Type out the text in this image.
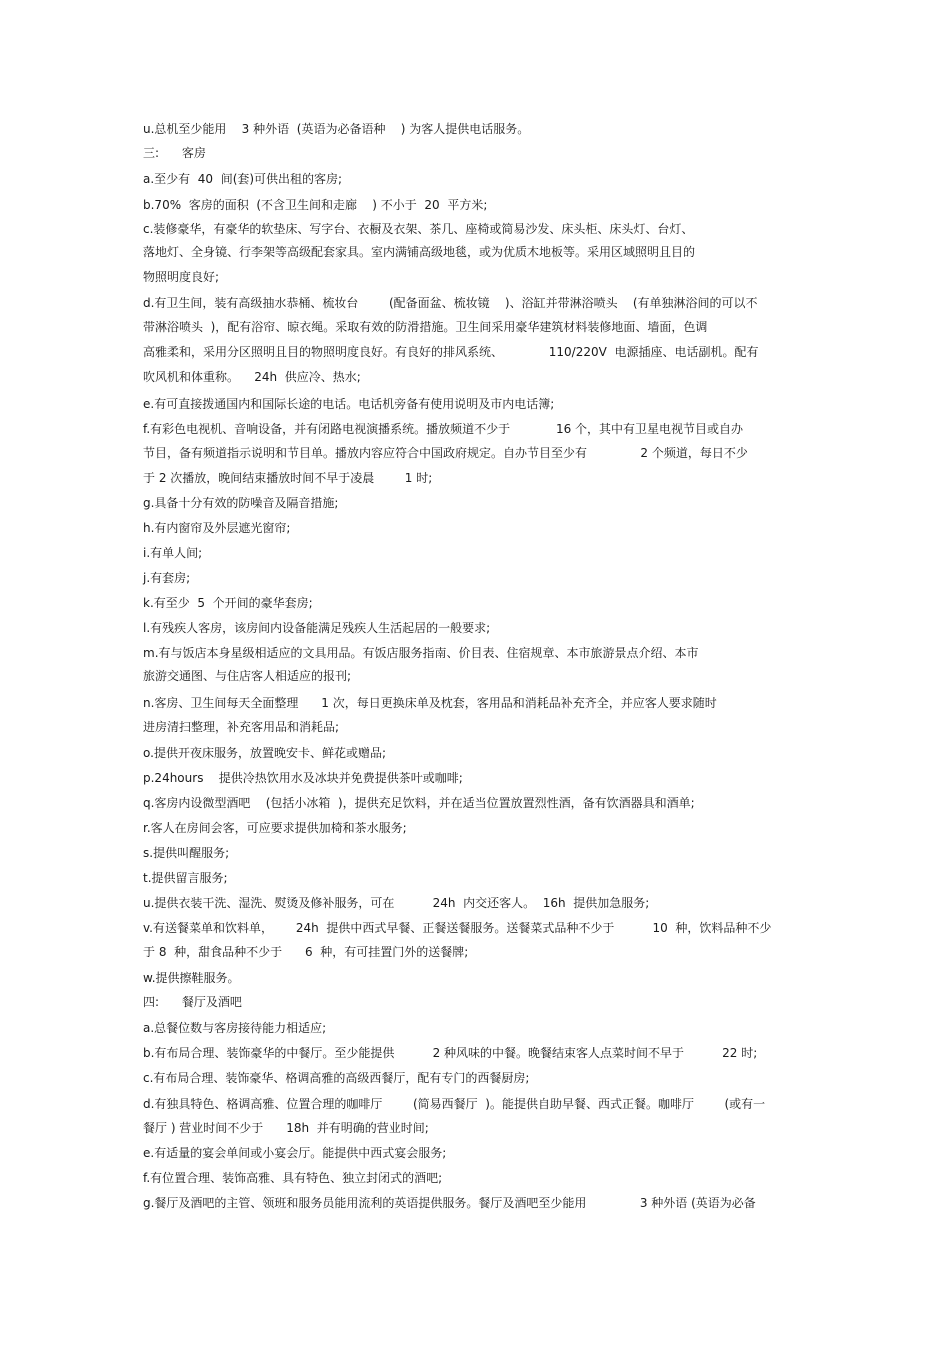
u.总机至少能用    3 种外语  (英语为必备语种    ) 为客人提供电话服务。
三:      客房
a.至少有  40  间(套)可供出租的客房;
b.70%  客房的面积  (不含卫生间和走廊    ) 不小于  20  平方米;
c.装修豪华，有豪华的软垫床、写字台、衣橱及衣架、茶几、座椅或简易沙发、床头柜、床头灯、台灯、
落地灯、全身镜、行李架等高级配套家具。室内满铺高级地毯，或为优质木地板等。采用区域照明且目的
物照明度良好;
d.有卫生间，装有高级抽水恭桶、梳妆台        (配备面盆、梳妆镜    )、浴缸并带淋浴喷头    (有单独淋浴间的可以不
带淋浴喷头  )，配有浴帘、晾衣绳。采取有效的防滑措施。卫生间采用豪华建筑材料装修地面、墙面，色调
高雅柔和，采用分区照明且目的物照明度良好。有良好的排风系统、            110/220V  电源插座、电话副机。配有
吹风机和体重称。    24h  供应冷、热水;
e.有可直接拨通国内和国际长途的电话。电话机旁备有使用说明及市内电话簿;
f.有彩色电视机、音响设备，并有闭路电视演播系统。播放频道不少于            16 个，其中有卫星电视节目或自办
节目，备有频道指示说明和节目单。播放内容应符合中国政府规定。自办节目至少有              2 个频道，每日不少
于 2 次播放，晚间结束播放时间不早于凌晨        1 时;
g.具备十分有效的防噪音及隔音措施;
h.有内窗帘及外层遮光窗帘;
i.有单人间;
j.有套房;
k.有至少  5  个开间的豪华套房;
l.有残疾人客房，该房间内设备能满足残疾人生活起居的一般要求;
m.有与饭店本身星级相适应的文具用品。有饭店服务指南、价目表、住宿规章、本市旅游景点介绍、本市
旅游交通图、与住店客人相适应的报刊;
n.客房、卫生间每天全面整理      1 次，每日更换床单及枕套，客用品和消耗品补充齐全，并应客人要求随时
进房清扫整理，补充客用品和消耗品;
o.提供开夜床服务，放置晚安卡、鲜花或赠品;
p.24hours    提供冷热饮用水及冰块并免费提供茶叶或咖啡;
q.客房内设微型酒吧    (包括小冰箱  )，提供充足饮料，并在适当位置放置烈性酒，备有饮酒器具和酒单;
r.客人在房间会客，可应要求提供加椅和茶水服务;
s.提供叫醒服务;
t.提供留言服务;
u.提供衣装干洗、湿洗、熨烫及修补服务，可在          24h  内交还客人。  16h  提供加急服务;
v.有送餐菜单和饮料单，      24h  提供中西式早餐、正餐送餐服务。送餐菜式品种不少于          10  种，饮料品种不少
于 8  种，甜食品种不少于      6  种，有可挂置门外的送餐牌;
w.提供擦鞋服务。
四:      餐厅及酒吧
a.总餐位数与客房接待能力相适应;
b.有布局合理、装饰豪华的中餐厅。至少能提供          2 种风味的中餐。晚餐结束客人点菜时间不早于          22 时;
c.有布局合理、装饰豪华、格调高雅的高级西餐厅，配有专门的西餐厨房;
d.有独具特色、格调高雅、位置合理的咖啡厅        (简易西餐厅  )。能提供自助早餐、西式正餐。咖啡厅        (或有一
餐厅 ) 营业时间不少于      18h  并有明确的营业时间;
e.有适量的宴会单间或小宴会厅。能提供中西式宴会服务;
f.有位置合理、装饰高雅、具有特色、独立封闭式的酒吧;
g.餐厅及酒吧的主管、领班和服务员能用流利的英语提供服务。餐厅及酒吧至少能用              3 种外语 (英语为必备
